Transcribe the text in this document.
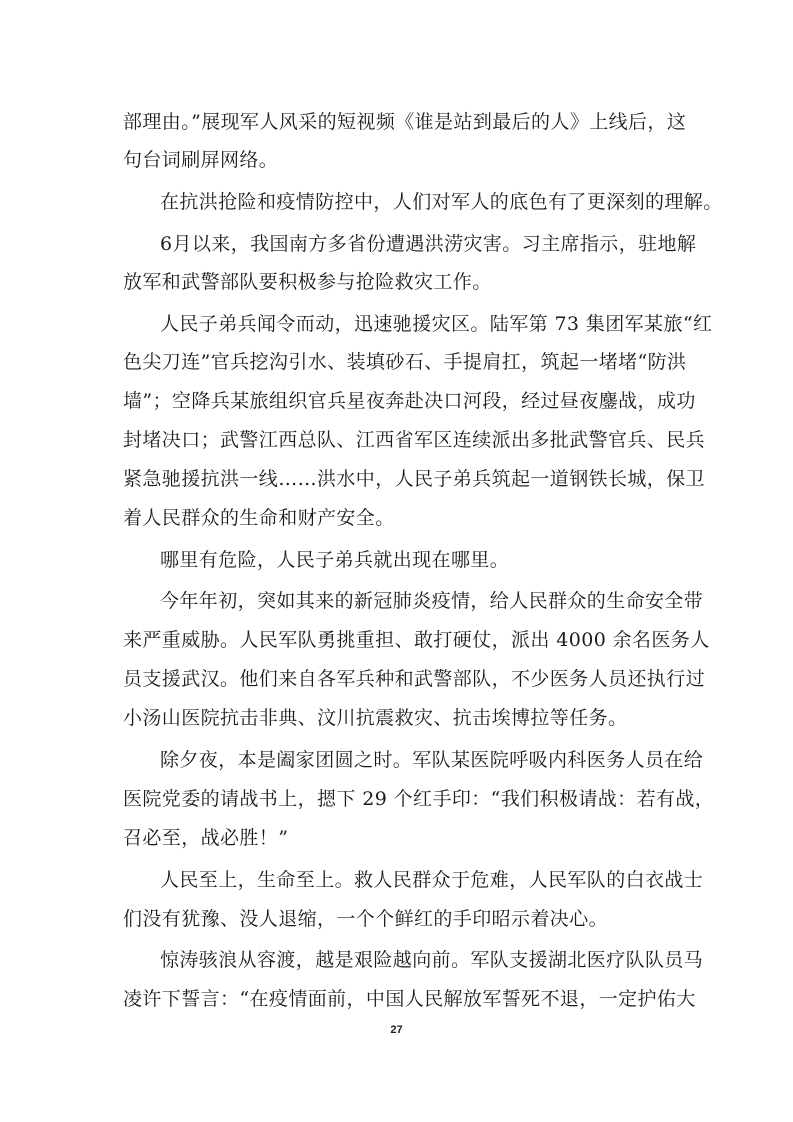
部理由。”展现军人风采的短视频《谁是站到最后的人》上线后，这
句台词刷屏网络。
在抗洪抢险和疫情防控中，人们对军人的底色有了更深刻的理解。
6月以来，我国南方多省份遭遇洪涝灾害。习主席指示，驻地解
放军和武警部队要积极参与抢险救灾工作。
人民子弟兵闻令而动，迅速驰援灾区。陆军第 73 集团军某旅“红
色尖刀连”官兵挖沟引水、装填砂石、手提肩扛，筑起一堵堵“防洪
墙”；空降兵某旅组织官兵星夜奔赴决口河段，经过昼夜鏖战，成功
封堵决口；武警江西总队、江西省军区连续派出多批武警官兵、民兵
紧急驰援抗洪一线……洪水中，人民子弟兵筑起一道钢铁长城，保卫
着人民群众的生命和财产安全。
哪里有危险，人民子弟兵就出现在哪里。
今年年初，突如其来的新冠肺炎疫情，给人民群众的生命安全带
来严重威胁。人民军队勇挑重担、敢打硬仗，派出 4000 余名医务人
员支援武汉。他们来自各军兵种和武警部队，不少医务人员还执行过
小汤山医院抗击非典、汶川抗震救灾、抗击埃博拉等任务。
除夕夜，本是阖家团圆之时。军队某医院呼吸内科医务人员在给
医院党委的请战书上，摁下 29 个红手印：“我们积极请战：若有战，
召必至，战必胜！”
人民至上，生命至上。救人民群众于危难，人民军队的白衣战士
们没有犹豫、没人退缩，一个个鲜红的手印昭示着决心。
惊涛骇浪从容渡，越是艰险越向前。军队支援湖北医疗队队员马
凌许下誓言：“在疫情面前，中国人民解放军誓死不退，一定护佑大
27
